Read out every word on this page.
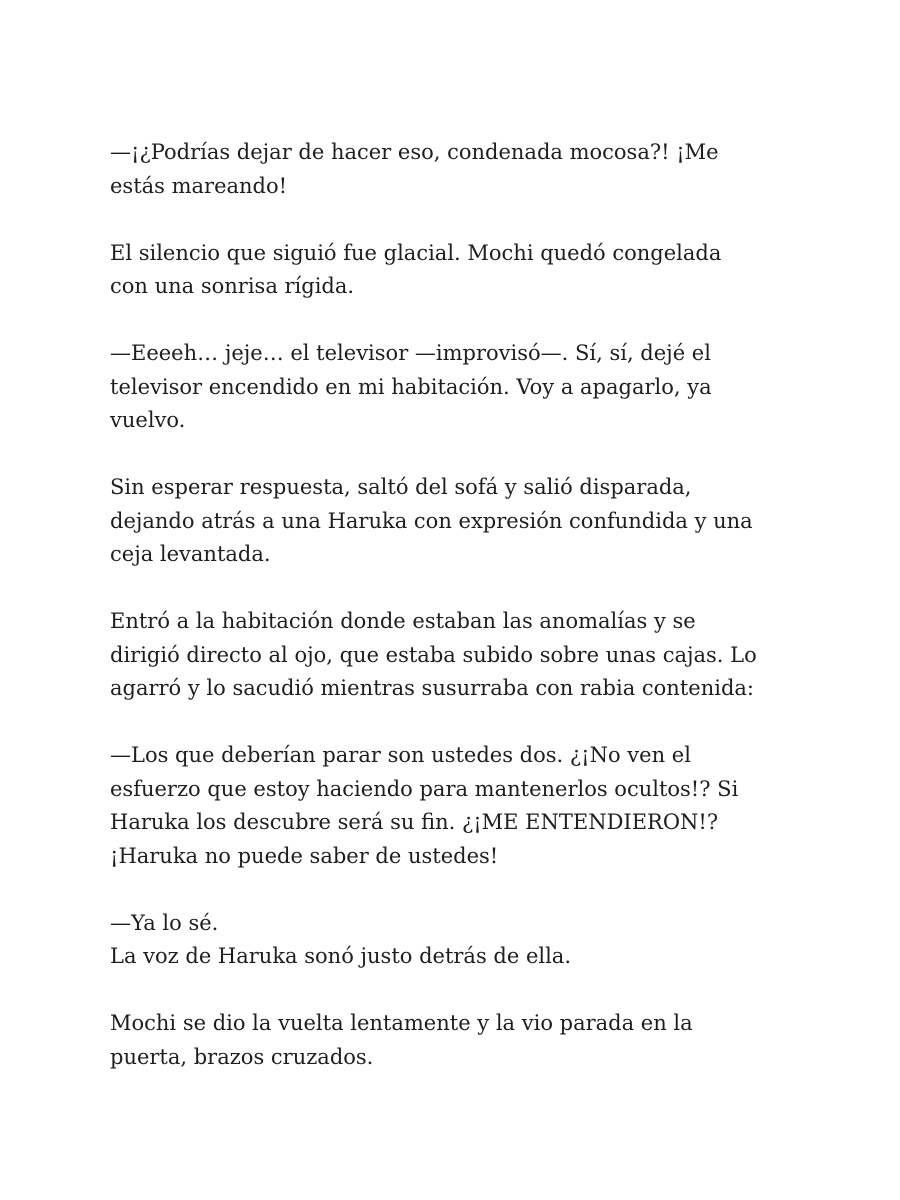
—¡¿Podrías dejar de hacer eso, condenada mocosa?! ¡Me
estás mareando!

El silencio que siguió fue glacial. Mochi quedó congelada
con una sonrisa rígida.

—Eeeeh… jeje… el televisor —improvisó—. Sí, sí, dejé el
televisor encendido en mi habitación. Voy a apagarlo, ya
vuelvo.

Sin esperar respuesta, saltó del sofá y salió disparada,
dejando atrás a una Haruka con expresión confundida y una
ceja levantada.

Entró a la habitación donde estaban las anomalías y se
dirigió directo al ojo, que estaba subido sobre unas cajas. Lo
agarró y lo sacudió mientras susurraba con rabia contenida:

—Los que deberían parar son ustedes dos. ¿¡No ven el
esfuerzo que estoy haciendo para mantenerlos ocultos!? Si
Haruka los descubre será su fin. ¿¡ME ENTENDIERON!?
¡Haruka no puede saber de ustedes!

—Ya lo sé.
La voz de Haruka sonó justo detrás de ella.

Mochi se dio la vuelta lentamente y la vio parada en la
puerta, brazos cruzados.
